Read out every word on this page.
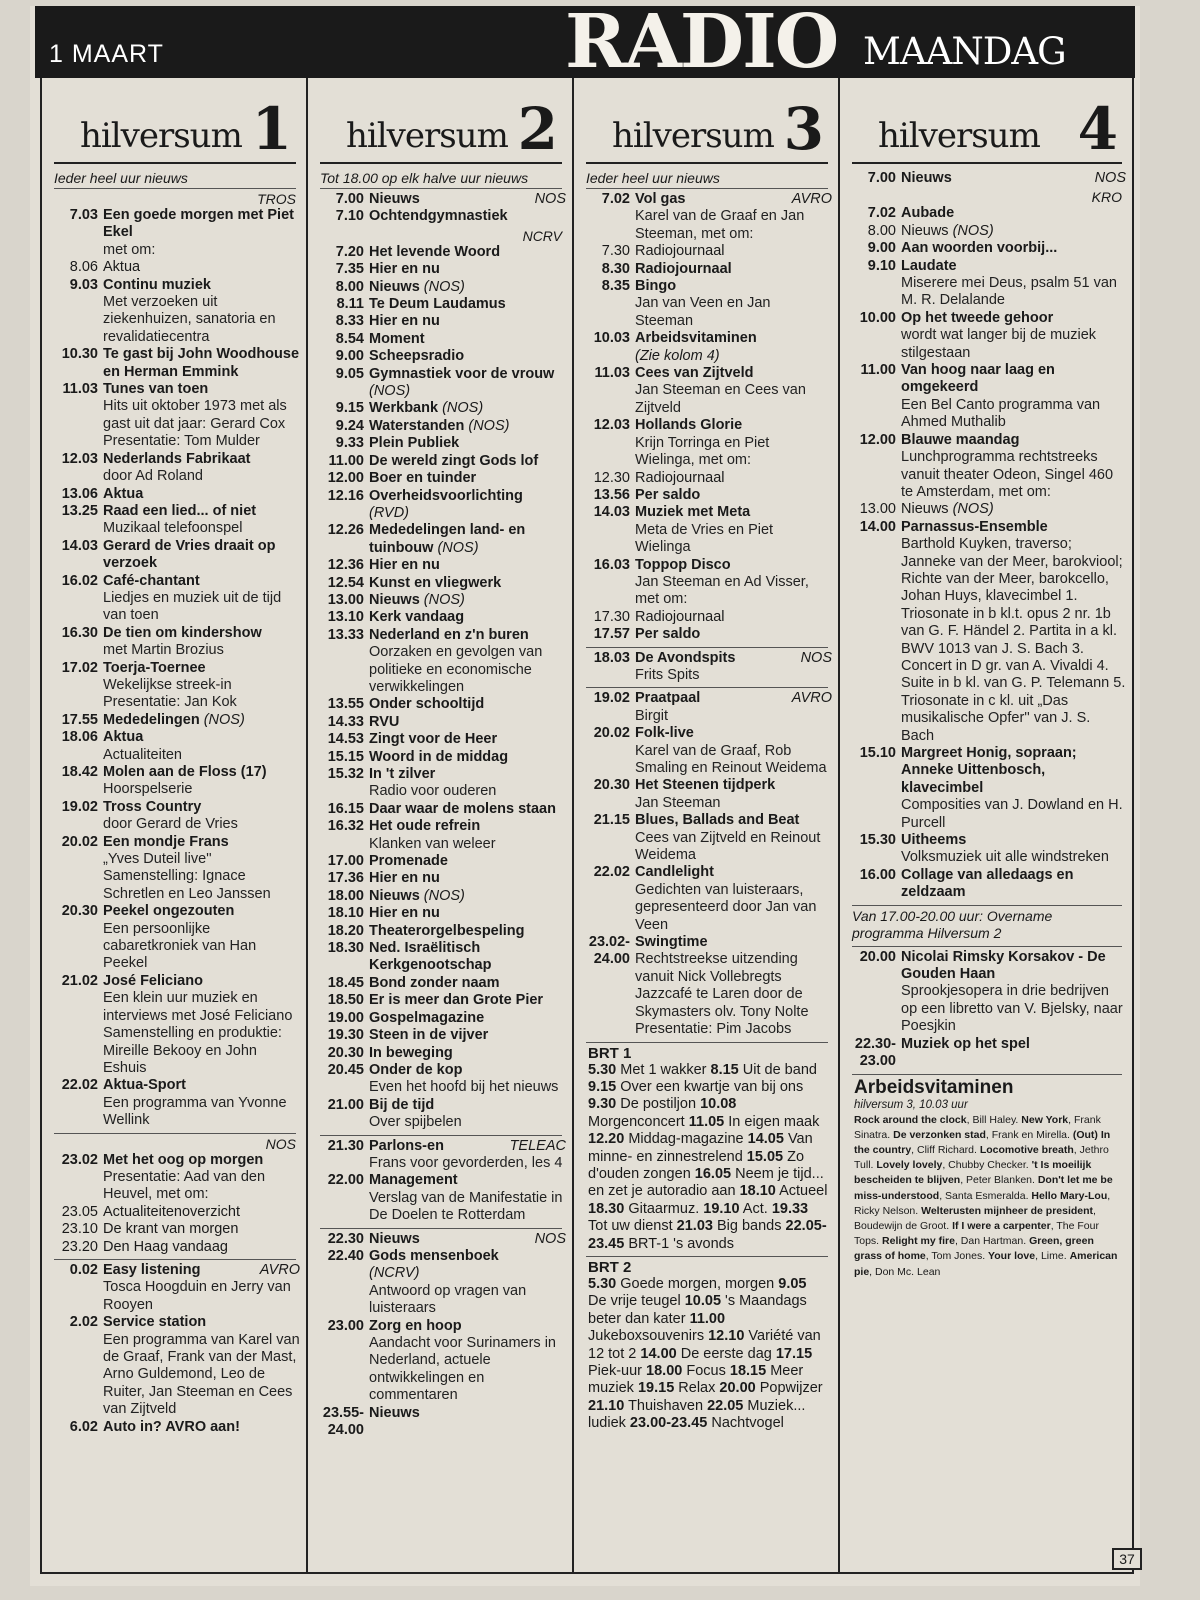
1 MAART	RADIO MAANDAG
hilversum 1
Ieder heel uur nieuws
TROS
7.03 Een goede morgen met Piet Ekel
met om:
8.06 Aktua
9.03 Continu muziek
Met verzoeken uit ziekenhuizen, sanatoria en revalidatiecentra
10.30 Te gast bij John Woodhouse en Herman Emmink
11.03 Tunes van toen
Hits uit oktober 1973 met als gast uit dat jaar: Gerard Cox Presentatie: Tom Mulder
12.03 Nederlands Fabrikaat
door Ad Roland
13.06 Aktua
13.25 Raad een lied... of niet
Muzikaal telefoonspel
14.03 Gerard de Vries draait op verzoek
16.02 Café-chantant
Liedjes en muziek uit de tijd van toen
16.30 De tien om kindershow
met Martin Brozius
17.02 Toerja-Toernee
Wekelijkse streek-in Presentatie: Jan Kok
17.55 Mededelingen (NOS)
18.06 Aktua
Actualiteiten
18.42 Molen aan de Floss (17)
Hoorspelserie
19.02 Tross Country
door Gerard de Vries
20.02 Een mondje Frans
„Yves Duteil live'' Samenstelling: Ignace Schretlen en Leo Janssen
20.30 Peekel ongezouten
Een persoonlijke cabaretkroniek van Han Peekel
21.02 José Feliciano
Een klein uur muziek en interviews met José Feliciano Samenstelling en produktie: Mireille Bekooy en John Eshuis
22.02 Aktua-Sport
Een programma van Yvonne Wellink
NOS
23.02 Met het oog op morgen
Presentatie: Aad van den Heuvel, met om:
23.05 Actualiteitenoverzicht
23.10 De krant van morgen
23.20 Den Haag vandaag
0.02	AVRO
Easy listening
Tosca Hoogduin en Jerry van Rooyen
2.02 Service station
Een programma van Karel van de Graaf, Frank van der Mast, Arno Guldemond, Leo de Ruiter, Jan Steeman en Cees van Zijtveld
6.02 Auto in? AVRO aan!
hilversum 2
Tot 18.00 op elk halve uur nieuws
7.00	NOS
Nieuws
7.10 Ochtendgymnastiek
NCRV
7.20 Het levende Woord
7.35 Hier en nu
8.00 Nieuws (NOS)
8.11 Te Deum Laudamus
8.33 Hier en nu
8.54 Moment
9.00 Scheepsradio
9.05 Gymnastiek voor de vrouw (NOS)
9.15 Werkbank (NOS)
9.24 Waterstanden (NOS)
9.33 Plein Publiek
11.00 De wereld zingt Gods lof
12.00 Boer en tuinder
12.16 Overheidsvoorlichting
(RVD)
12.26 Mededelingen land- en tuinbouw (NOS)
12.36 Hier en nu
12.54 Kunst en vliegwerk
13.00 Nieuws (NOS)
13.10 Kerk vandaag
13.33 Nederland en z'n buren
Oorzaken en gevolgen van politieke en economische verwikkelingen
13.55 Onder schooltijd
14.33 RVU
14.53 Zingt voor de Heer
15.15 Woord in de middag
15.32 In 't zilver
Radio voor ouderen
16.15 Daar waar de molens staan
16.32 Het oude refrein
Klanken van weleer
17.00 Promenade
17.36 Hier en nu
18.00 Nieuws (NOS)
18.10 Hier en nu
18.20 Theaterorgelbespeling
18.30 Ned. Israëlitisch Kerkgenootschap
18.45 Bond zonder naam
18.50 Er is meer dan Grote Pier
19.00 Gospelmagazine
19.30 Steen in de vijver
20.30 In beweging
20.45 Onder de kop
Even het hoofd bij het nieuws
21.00 Bij de tijd
Over spijbelen
21.30	TELEAC
Parlons-en
Frans voor gevorderden, les 4
22.00 Management
Verslag van de Manifestatie in De Doelen te Rotterdam
22.30	NOS
Nieuws
22.40 Gods mensenboek
(NCRV)
Antwoord op vragen van luisteraars
23.00 Zorg en hoop
Aandacht voor Surinamers in Nederland, actuele ontwikkelingen en commentaren
23.55-24.00
Nieuws
hilversum 3
Ieder heel uur nieuws
7.02	AVRO
Vol gas
Karel van de Graaf en Jan Steeman, met om:
7.30 Radiojournaal
8.30 Radiojournaal
8.35 Bingo
Jan van Veen en Jan Steeman
10.03 Arbeidsvitaminen
(Zie kolom 4)
11.03 Cees van Zijtveld
Jan Steeman en Cees van Zijtveld
12.03 Hollands Glorie
Krijn Torringa en Piet Wielinga, met om:
12.30 Radiojournaal
13.56 Per saldo
14.03 Muziek met Meta
Meta de Vries en Piet Wielinga
16.03 Toppop Disco
Jan Steeman en Ad Visser, met om:
17.30 Radiojournaal
17.57 Per saldo
18.03	NOS
De Avondspits
Frits Spits
19.02	AVRO
Praatpaal
Birgit
20.02 Folk-live
Karel van de Graaf, Rob Smaling en Reinout Weidema
20.30 Het Steenen tijdperk
Jan Steeman
21.15 Blues, Ballads and Beat
Cees van Zijtveld en Reinout Weidema
22.02 Candlelight
Gedichten van luisteraars, gepresenteerd door Jan van Veen
23.02-24.00
Swingtime
Rechtstreekse uitzending vanuit Nick Vollebregts Jazzcafé te Laren door de Skymasters olv. Tony Nolte Presentatie: Pim Jacobs
BRT 1
5.30 Met 1 wakker 8.15 Uit de band 9.15 Over een kwartje van bij ons 9.30 De postiljon 10.08 Morgenconcert 11.05 In eigen maak 12.20 Middag-magazine 14.05 Van minne- en zinnestrelend 15.05 Zo d'ouden zongen 16.05 Neem je tijd... en zet je autoradio aan 18.10 Actueel 18.30 Gitaarmuz. 19.10 Act. 19.33 Tot uw dienst 21.03 Big bands 22.05-23.45 BRT-1 's avonds
BRT 2
5.30 Goede morgen, morgen 9.05 De vrije teugel 10.05 's Maandags beter dan kater 11.00 Jukeboxsouvenirs 12.10 Variété van 12 tot 2 14.00 De eerste dag 17.15 Piek-uur 18.00 Focus 18.15 Meer muziek 19.15 Relax 20.00 Popwijzer 21.10 Thuishaven 22.05 Muziek... ludiek 23.00-23.45 Nachtvogel
hilversum 4
7.00	NOS
Nieuws
KRO
7.02 Aubade
8.00 Nieuws (NOS)
9.00 Aan woorden voorbij...
9.10 Laudate
Miserere mei Deus, psalm 51 van M. R. Delalande
10.00 Op het tweede gehoor
wordt wat langer bij de muziek stilgestaan
11.00 Van hoog naar laag en omgekeerd
Een Bel Canto programma van Ahmed Muthalib
12.00 Blauwe maandag
Lunchprogramma rechtstreeks vanuit theater Odeon, Singel 460 te Amsterdam, met om:
13.00 Nieuws (NOS)
14.00 Parnassus-Ensemble
Barthold Kuyken, traverso; Janneke van der Meer, barokviool; Richte van der Meer, barokcello, Johan Huys, klavecimbel 1. Triosonate in b kl.t. opus 2 nr. 1b van G. F. Händel 2. Partita in a kl. BWV 1013 van J. S. Bach 3. Concert in D gr. van A. Vivaldi 4. Suite in b kl. van G. P. Telemann 5. Triosonate in c kl. uit „Das musikalische Opfer'' van J. S. Bach
15.10 Margreet Honig, sopraan; Anneke Uittenbosch, klavecimbel
Composities van J. Dowland en H. Purcell
15.30 Uitheems
Volksmuziek uit alle windstreken
16.00 Collage van alledaags en zeldzaam
Van 17.00-20.00 uur: Overname programma Hilversum 2
20.00 Nicolai Rimsky Korsakov - De Gouden Haan
Sprookjesopera in drie bedrijven op een libretto van V. Bjelsky, naar Poesjkin
22.30-23.00
Muziek op het spel
Arbeidsvitaminen
hilversum 3, 10.03 uur
Rock around the clock, Bill Haley. New York, Frank Sinatra. De verzonken stad, Frank en Mirella. (Out) In the country, Cliff Richard. Locomotive breath, Jethro Tull. Lovely lovely, Chubby Checker. 't Is moeilijk bescheiden te blijven, Peter Blanken. Don't let me be miss-understood, Santa Esmeralda. Hello Mary-Lou, Ricky Nelson. Welterusten mijnheer de president, Boudewijn de Groot. If I were a carpenter, The Four Tops. Relight my fire, Dan Hartman. Green, green grass of home, Tom Jones. Your love, Lime. American pie, Don Mc. Lean
37
